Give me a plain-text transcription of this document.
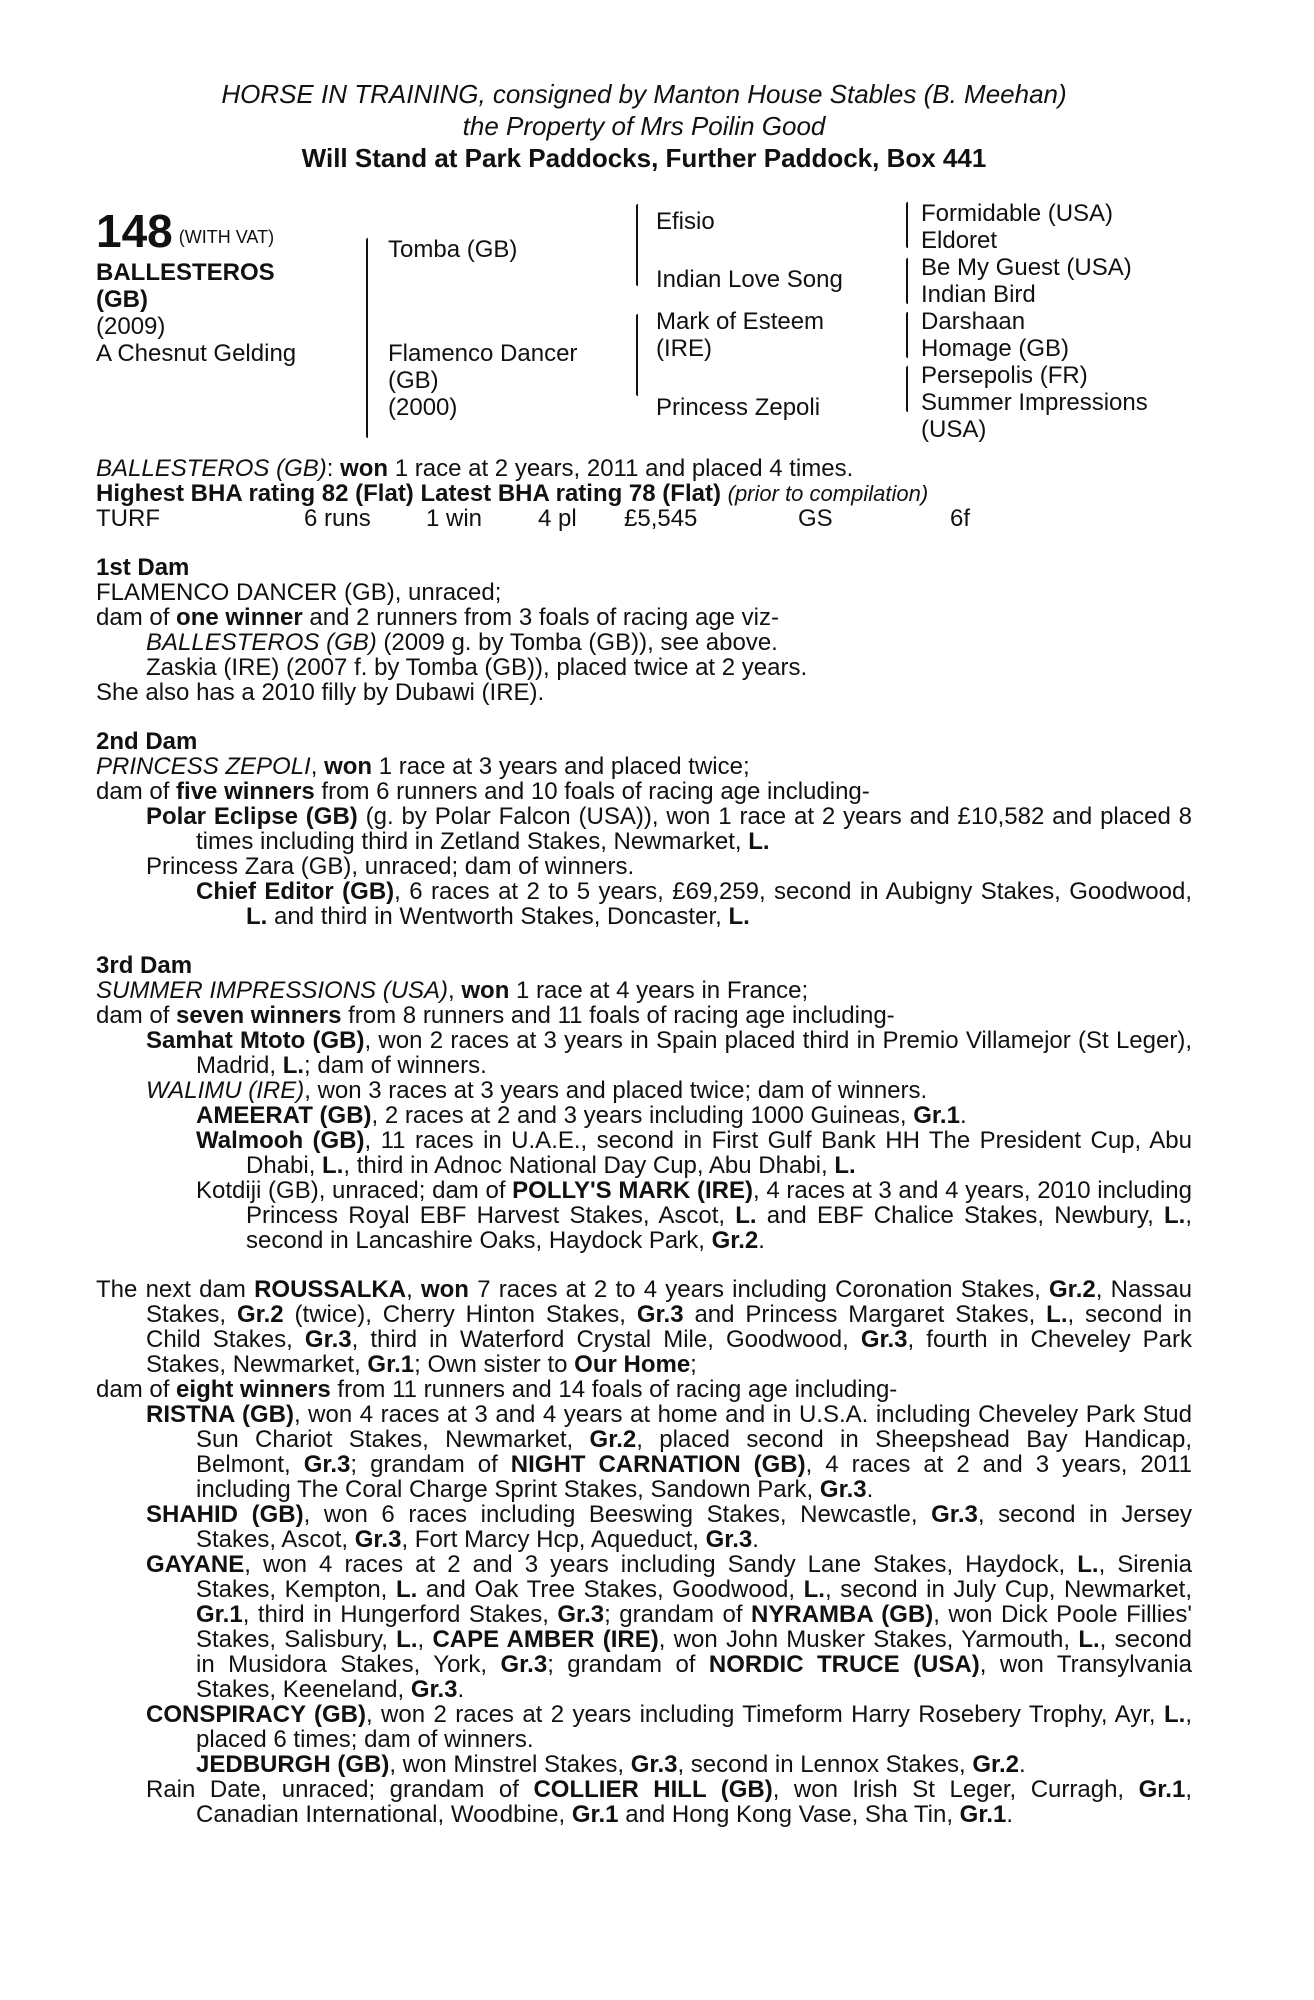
HORSE IN TRAINING, consigned by Manton House Stables (B. Meehan)
the Property of Mrs Poilin Good
Will Stand at Park Paddocks, Further Paddock, Box 441
148 (WITH VAT)
BALLESTEROS (GB)
(2009)
A Chesnut Gelding
Tomba (GB)
Flamenco Dancer
(GB)
(2000)
Efisio
Indian Love Song
Mark of Esteem
(IRE)
Princess Zepoli
Formidable (USA)
Eldoret
Be My Guest (USA)
Indian Bird
Darshaan
Homage (GB)
Persepolis (FR)
Summer Impressions
(USA)

BALLESTEROS (GB): won 1 race at 2 years, 2011 and placed 4 times.

Highest BHA rating 82 (Flat) Latest BHA rating 78 (Flat) (prior to compilation)

TURF	6 runs	1 win	4 pl	£5,545	GS	6f

1st Dam

FLAMENCO DANCER (GB), unraced;

dam of one winner and 2 runners from 3 foals of racing age viz-

BALLESTEROS (GB) (2009 g. by Tomba (GB)), see above.

Zaskia (IRE) (2007 f. by Tomba (GB)), placed twice at 2 years.

She also has a 2010 filly by Dubawi (IRE).

2nd Dam

PRINCESS ZEPOLI, won 1 race at 3 years and placed twice;

dam of five winners from 6 runners and 10 foals of racing age including-

Polar Eclipse (GB) (g. by Polar Falcon (USA)), won 1 race at 2 years and £10,582 and placed 8 times including third in Zetland Stakes, Newmarket, L.

Princess Zara (GB), unraced; dam of winners.

Chief Editor (GB), 6 races at 2 to 5 years, £69,259, second in Aubigny Stakes, Goodwood, L. and third in Wentworth Stakes, Doncaster, L.

3rd Dam

SUMMER IMPRESSIONS (USA), won 1 race at 4 years in France;

dam of seven winners from 8 runners and 11 foals of racing age including-

Samhat Mtoto (GB), won 2 races at 3 years in Spain placed third in Premio Villamejor (St Leger), Madrid, L.; dam of winners.

WALIMU (IRE), won 3 races at 3 years and placed twice; dam of winners.

AMEERAT (GB), 2 races at 2 and 3 years including 1000 Guineas, Gr.1.

Walmooh (GB), 11 races in U.A.E., second in First Gulf Bank HH The President Cup, Abu Dhabi, L., third in Adnoc National Day Cup, Abu Dhabi, L.

Kotdiji (GB), unraced; dam of POLLY'S MARK (IRE), 4 races at 3 and 4 years, 2010 including Princess Royal EBF Harvest Stakes, Ascot, L. and EBF Chalice Stakes, Newbury, L., second in Lancashire Oaks, Haydock Park, Gr.2.

The next dam ROUSSALKA, won 7 races at 2 to 4 years including Coronation Stakes, Gr.2, Nassau Stakes, Gr.2 (twice), Cherry Hinton Stakes, Gr.3 and Princess Margaret Stakes, L., second in Child Stakes, Gr.3, third in Waterford Crystal Mile, Goodwood, Gr.3, fourth in Cheveley Park Stakes, Newmarket, Gr.1; Own sister to Our Home;

dam of eight winners from 11 runners and 14 foals of racing age including-

RISTNA (GB), won 4 races at 3 and 4 years at home and in U.S.A. including Cheveley Park Stud Sun Chariot Stakes, Newmarket, Gr.2, placed second in Sheepshead Bay Handicap, Belmont, Gr.3; grandam of NIGHT CARNATION (GB), 4 races at 2 and 3 years, 2011 including The Coral Charge Sprint Stakes, Sandown Park, Gr.3.

SHAHID (GB), won 6 races including Beeswing Stakes, Newcastle, Gr.3, second in Jersey Stakes, Ascot, Gr.3, Fort Marcy Hcp, Aqueduct, Gr.3.

GAYANE, won 4 races at 2 and 3 years including Sandy Lane Stakes, Haydock, L., Sirenia Stakes, Kempton, L. and Oak Tree Stakes, Goodwood, L., second in July Cup, Newmarket, Gr.1, third in Hungerford Stakes, Gr.3; grandam of NYRAMBA (GB), won Dick Poole Fillies' Stakes, Salisbury, L., CAPE AMBER (IRE), won John Musker Stakes, Yarmouth, L., second in Musidora Stakes, York, Gr.3; grandam of NORDIC TRUCE (USA), won Transylvania Stakes, Keeneland, Gr.3.

CONSPIRACY (GB), won 2 races at 2 years including Timeform Harry Rosebery Trophy, Ayr, L., placed 6 times; dam of winners.

JEDBURGH (GB), won Minstrel Stakes, Gr.3, second in Lennox Stakes, Gr.2.

Rain Date, unraced; grandam of COLLIER HILL (GB), won Irish St Leger, Curragh, Gr.1, Canadian International, Woodbine, Gr.1 and Hong Kong Vase, Sha Tin, Gr.1.
